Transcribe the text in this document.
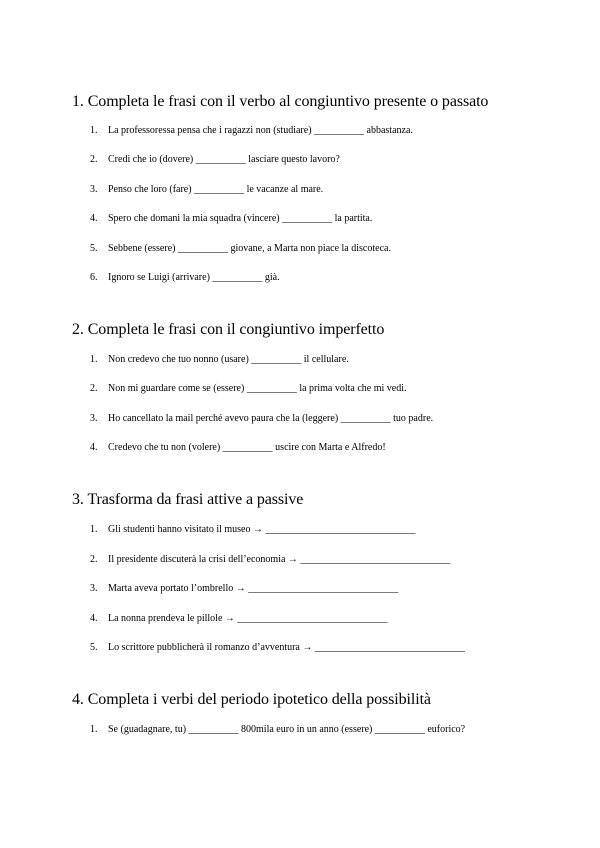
1. Completa le frasi con il verbo al congiuntivo presente o passato
1. La professoressa pensa che i ragazzi non (studiare) __________ abbastanza.
2. Credi che io (dovere) __________ lasciare questo lavoro?
3. Penso che loro (fare) __________ le vacanze al mare.
4. Spero che domani la mia squadra (vincere) __________ la partita.
5. Sebbene (essere) __________ giovane, a Marta non piace la discoteca.
6. Ignoro se Luigi (arrivare) __________ già.
2. Completa le frasi con il congiuntivo imperfetto
1. Non credevo che tuo nonno (usare) __________ il cellulare.
2. Non mi guardare come se (essere) __________ la prima volta che mi vedi.
3. Ho cancellato la mail perché avevo paura che la (leggere) __________ tuo padre.
4. Credevo che tu non (volere) __________ uscire con Marta e Alfredo!
3. Trasforma da frasi attive a passive
1. Gli studenti hanno visitato il museo → ______________________________
2. Il presidente discuterà la crisi dell’economia → ______________________________
3. Marta aveva portato l’ombrello → ______________________________
4. La nonna prendeva le pillole → ______________________________
5. Lo scrittore pubblicherà il romanzo d’avventura → ______________________________
4. Completa i verbi del periodo ipotetico della possibilità
1. Se (guadagnare, tu) __________ 800mila euro in un anno (essere) __________ euforico?
